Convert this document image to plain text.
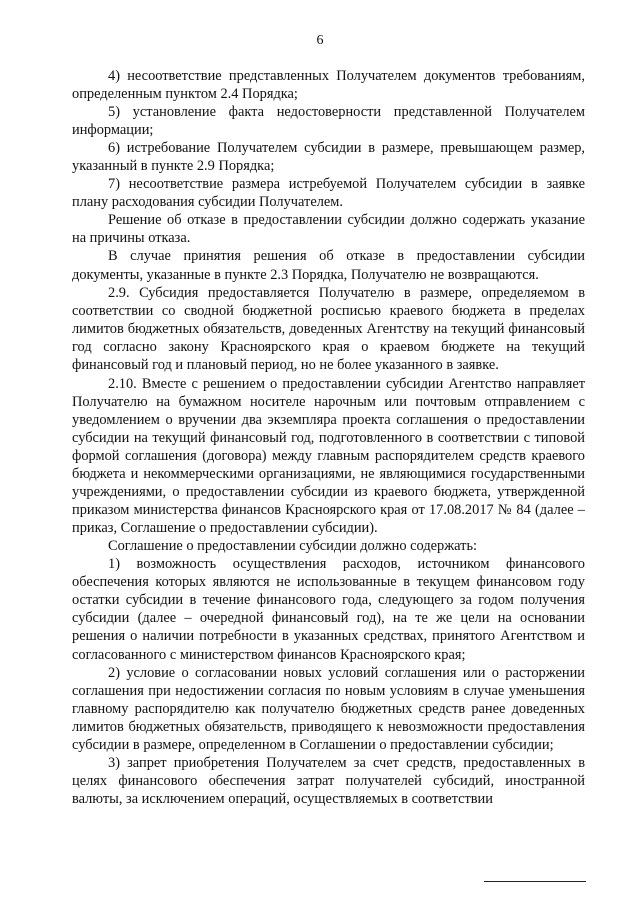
6

4) несоответствие представленных Получателем документов требованиям, определенным пунктом 2.4 Порядка;

5) установление факта недостоверности представленной Получателем информации;

6) истребование Получателем субсидии в размере, превышающем размер, указанный в пункте 2.9 Порядка;

7) несоответствие размера истребуемой Получателем субсидии в заявке плану расходования субсидии Получателем.

Решение об отказе в предоставлении субсидии должно содержать указание на причины отказа.

В случае принятия решения об отказе в предоставлении субсидии документы, указанные в пункте 2.3 Порядка, Получателю не возвращаются.

2.9. Субсидия предоставляется Получателю в размере, определяемом в соответствии со сводной бюджетной росписью краевого бюджета в пределах лимитов бюджетных обязательств, доведенных Агентству на текущий финансовый год согласно закону Красноярского края о краевом бюджете на текущий финансовый год и плановый период, но не более указанного в заявке.

2.10. Вместе с решением о предоставлении субсидии Агентство направляет Получателю на бумажном носителе нарочным или почтовым отправлением с уведомлением о вручении два экземпляра проекта соглашения о предоставлении субсидии на текущий финансовый год, подготовленного в соответствии с типовой формой соглашения (договора) между главным распорядителем средств краевого бюджета и некоммерческими организациями, не являющимися государственными учреждениями, о предоставлении субсидии из краевого бюджета, утвержденной приказом министерства финансов Красноярского края от 17.08.2017 № 84 (далее – приказ, Соглашение о предоставлении субсидии).

Соглашение о предоставлении субсидии должно содержать:

1) возможность осуществления расходов, источником финансового обеспечения которых являются не использованные в текущем финансовом году остатки субсидии в течение финансового года, следующего за годом получения субсидии (далее – очередной финансовый год), на те же цели на основании решения о наличии потребности в указанных средствах, принятого Агентством и согласованного с министерством финансов Красноярского края;

2) условие о согласовании новых условий соглашения или о расторжении соглашения при недостижении согласия по новым условиям в случае уменьшения главному распорядителю как получателю бюджетных средств ранее доведенных лимитов бюджетных обязательств, приводящего к невозможности предоставления субсидии в размере, определенном в Соглашении о предоставлении субсидии;

3) запрет приобретения Получателем за счет средств, предоставленных в целях финансового обеспечения затрат получателей субсидий, иностранной валюты, за исключением операций, осуществляемых в соответствии
